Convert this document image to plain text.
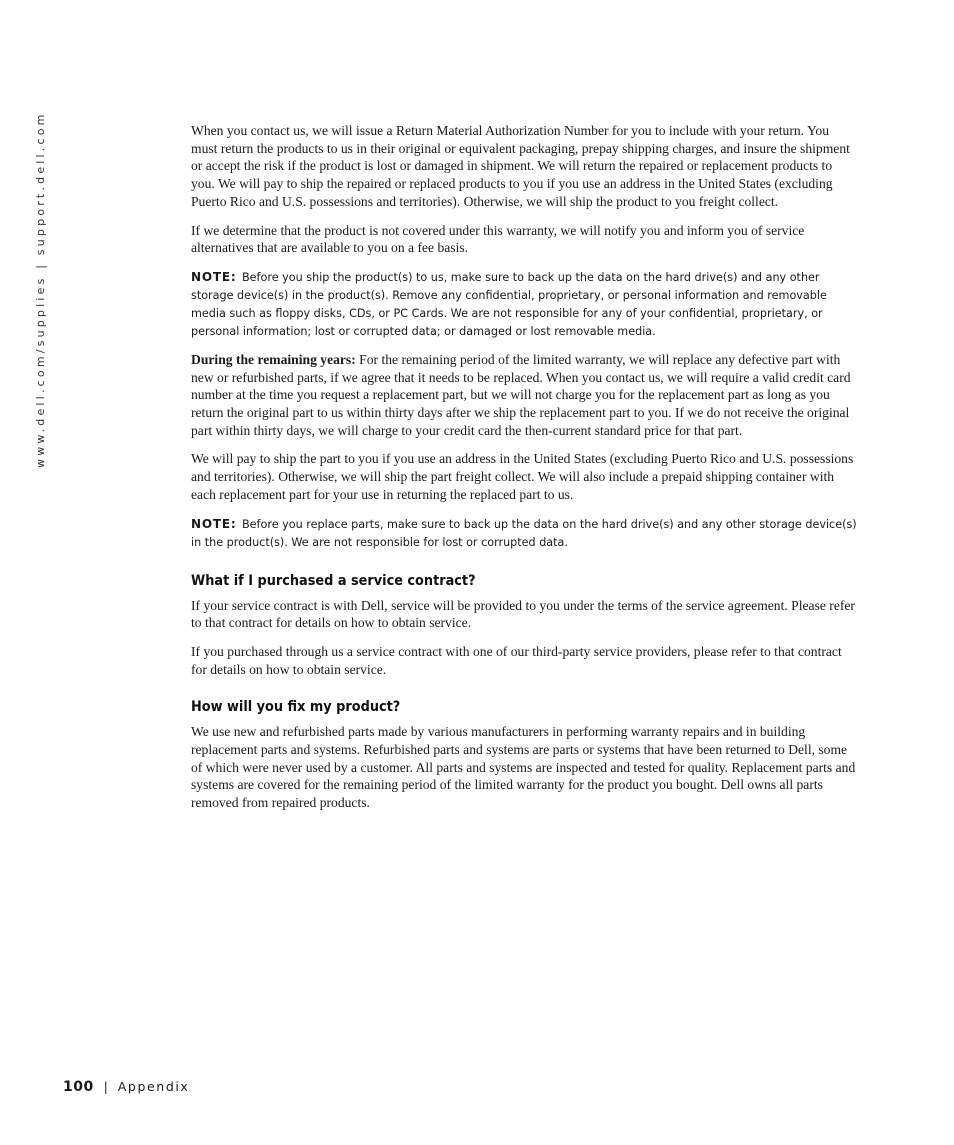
www.dell.com/supplies | support.dell.com	When you contact us, we will issue a Return Material Authorization Number for you to include with your return. You must return the products to us in their original or equivalent packaging, prepay shipping charges, and insure the shipment or accept the risk if the product is lost or damaged in shipment. We will return the repaired or replacement products to you. We will pay to ship the repaired or replaced products to you if you use an address in the United States (excluding Puerto Rico and U.S. possessions and territories). Otherwise, we will ship the product to you freight collect.

If we determine that the product is not covered under this warranty, we will notify you and inform you of service alternatives that are available to you on a fee basis.

NOTE: Before you ship the product(s) to us, make sure to back up the data on the hard drive(s) and any other storage device(s) in the product(s). Remove any confidential, proprietary, or personal information and removable media such as floppy disks, CDs, or PC Cards. We are not responsible for any of your confidential, proprietary, or personal information; lost or corrupted data; or damaged or lost removable media.

During the remaining years: For the remaining period of the limited warranty, we will replace any defective part with new or refurbished parts, if we agree that it needs to be replaced. When you contact us, we will require a valid credit card number at the time you request a replacement part, but we will not charge you for the replacement part as long as you return the original part to us within thirty days after we ship the replacement part to you. If we do not receive the original part within thirty days, we will charge to your credit card the then-current standard price for that part.

We will pay to ship the part to you if you use an address in the United States (excluding Puerto Rico and U.S. possessions and territories). Otherwise, we will ship the part freight collect. We will also include a prepaid shipping container with each replacement part for your use in returning the replaced part to us.

NOTE: Before you replace parts, make sure to back up the data on the hard drive(s) and any other storage device(s) in the product(s). We are not responsible for lost or corrupted data.

What if I purchased a service contract?

If your service contract is with Dell, service will be provided to you under the terms of the service agreement. Please refer to that contract for details on how to obtain service.

If you purchased through us a service contract with one of our third-party service providers, please refer to that contract for details on how to obtain service.

How will you fix my product?

We use new and refurbished parts made by various manufacturers in performing warranty repairs and in building replacement parts and systems. Refurbished parts and systems are parts or systems that have been returned to Dell, some of which were never used by a customer. All parts and systems are inspected and tested for quality. Replacement parts and systems are covered for the remaining period of the limited warranty for the product you bought. Dell owns all parts removed from repaired products.

100 | Appendix
